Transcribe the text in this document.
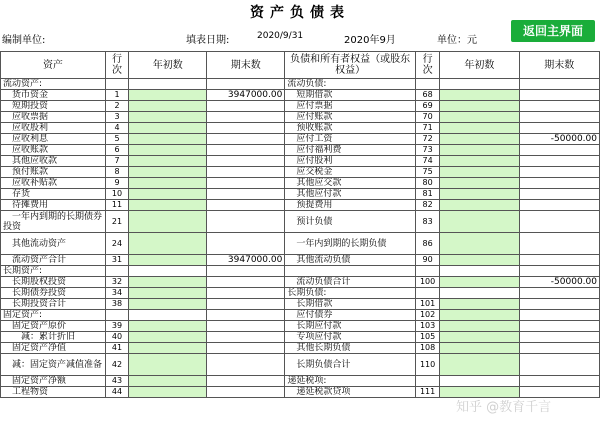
资产负债表
返回主界面
编制单位:	填表日期:	2020/9/31	2020年9月	单位：元
资产	行次	年初数	期末数	负债和所有者权益（或股东权益）	行次	年初数	期末数
流动资产:				流动负债:			
　货币资金	1		3947000.00	　短期借款	68		
　短期投资	2			　应付票据	69		
　应收票据	3			　应付账款	70		
　应收股利	4			　预收账款	71		
　应收利息	5			　应付工资	72		-50000.00
　应收账款	6			　应付福利费	73		
　其他应收款	7			　应付股利	74		
　预付账款	8			　应交税金	75		
　应收补贴款	9			　其他应交款	80		
　存货	10			　其他应付款	81		
　待摊费用	11			　预提费用	82		
　一年内到期的长期债券投资	21			　预计负债	83		
　其他流动资产	24			　一年内到期的长期负债	86		
　流动资产合计	31		3947000.00	　其他流动负债	90		
长期资产:							
　长期股权投资	32			　流动负债合计	100		-50000.00
　长期债券投资	34			长期负债:			
　长期投资合计	38			　长期借款	101		
固定资产:				　应付债券	102		
　固定资产原价	39			　长期应付款	103		
　　减：累计折旧	40			　专项应付款	105		
　固定资产净值	41			　其他长期负债	108		
　减：固定资产减值准备	42			　长期负债合计	110		
　固定资产净额	43			递延税项:			
　工程物资	44			　递延税款贷项	111		
知乎 @教育千言
